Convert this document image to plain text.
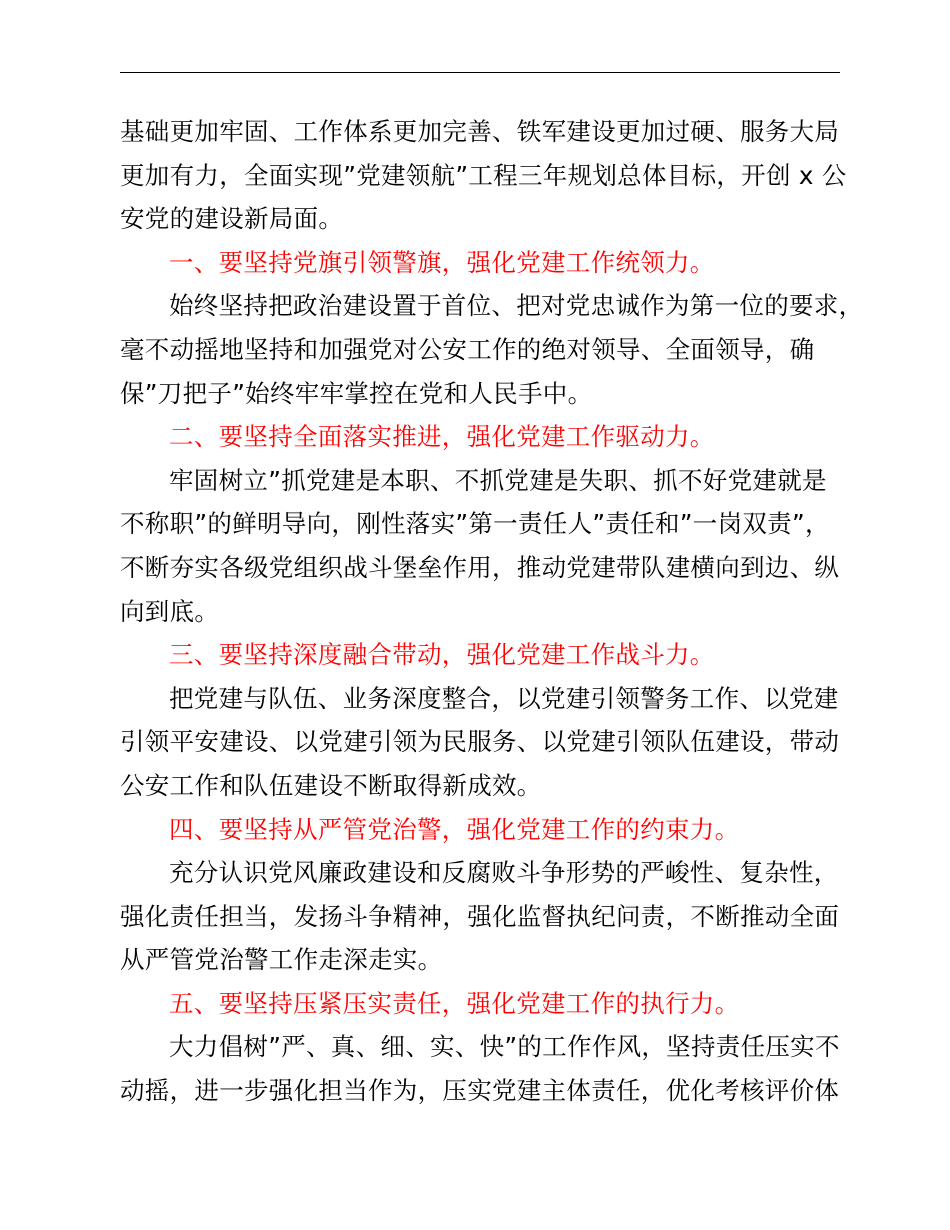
基础更加牢固、工作体系更加完善、铁军建设更加过硬、服务大局
更加有力，全面实现”党建领航”工程三年规划总体目标，开创 x 公
安党的建设新局面。
一、要坚持党旗引领警旗，强化党建工作统领力。
始终坚持把政治建设置于首位、把对党忠诚作为第一位的要求，
毫不动摇地坚持和加强党对公安工作的绝对领导、全面领导，确
保”刀把子”始终牢牢掌控在党和人民手中。
二、要坚持全面落实推进，强化党建工作驱动力。
牢固树立”抓党建是本职、不抓党建是失职、抓不好党建就是
不称职”的鲜明导向，刚性落实”第一责任人”责任和”一岗双责”，
不断夯实各级党组织战斗堡垒作用，推动党建带队建横向到边、纵
向到底。
三、要坚持深度融合带动，强化党建工作战斗力。
把党建与队伍、业务深度整合，以党建引领警务工作、以党建
引领平安建设、以党建引领为民服务、以党建引领队伍建设，带动
公安工作和队伍建设不断取得新成效。
四、要坚持从严管党治警，强化党建工作的约束力。
充分认识党风廉政建设和反腐败斗争形势的严峻性、复杂性，
强化责任担当，发扬斗争精神，强化监督执纪问责，不断推动全面
从严管党治警工作走深走实。
五、要坚持压紧压实责任，强化党建工作的执行力。
大力倡树”严、真、细、实、快”的工作作风，坚持责任压实不
动摇，进一步强化担当作为，压实党建主体责任，优化考核评价体
